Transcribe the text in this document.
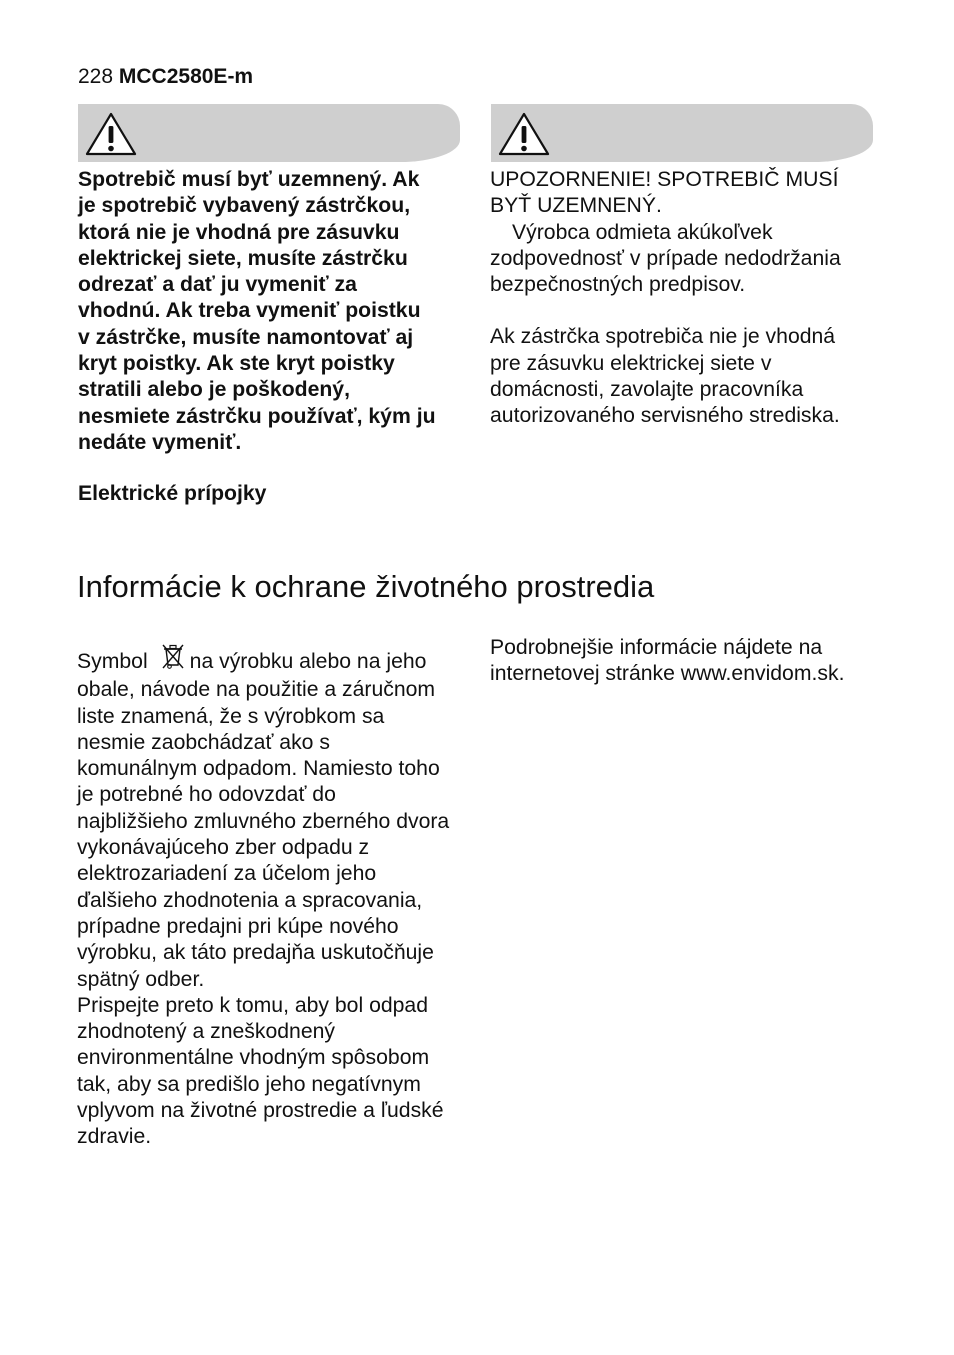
228 MCC2580E-m
Spotrebič musí byť uzemnený. Ak
je spotrebič vybavený zástrčkou,
ktorá nie je vhodná pre zásuvku
elektrickej siete, musíte zástrčku
odrezať a dať ju vymeniť za
vhodnú. Ak treba vymeniť poistku
v zástrčke, musíte namontovať aj
kryt poistky. Ak ste kryt poistky
stratili alebo je poškodený,
nesmiete zástrčku používať, kým ju
nedáte vymeniť.
Elektrické prípojky
UPOZORNENIE! SPOTREBIČ MUSÍ
BYŤ UZEMNENÝ.
Výrobca odmieta akúkoľvek
zodpovednosť v prípade nedodržania
bezpečnostných predpisov.
Ak zástrčka spotrebiča nie je vhodná
pre zásuvku elektrickej siete v
domácnosti, zavolajte pracovníka
autorizovaného servisného strediska.
Informácie k ochrane životného prostredia
Symbol na výrobku alebo na jeho
obale, návode na použitie a záručnom
liste znamená, že s výrobkom sa
nesmie zaobchádzať ako s
komunálnym odpadom. Namiesto toho
je potrebné ho odovzdať do
najbližšieho zmluvného zberného dvora
vykonávajúceho zber odpadu z
elektrozariadení za účelom jeho
ďalšieho zhodnotenia a spracovania,
prípadne predajni pri kúpe nového
výrobku, ak táto predajňa uskutočňuje
spätný odber.
Prispejte preto k tomu, aby bol odpad
zhodnotený a zneškodnený
environmentálne vhodným spôsobom
tak, aby sa predišlo jeho negatívnym
vplyvom na životné prostredie a ľudské
zdravie.
Podrobnejšie informácie nájdete na
internetovej stránke www.envidom.sk.
